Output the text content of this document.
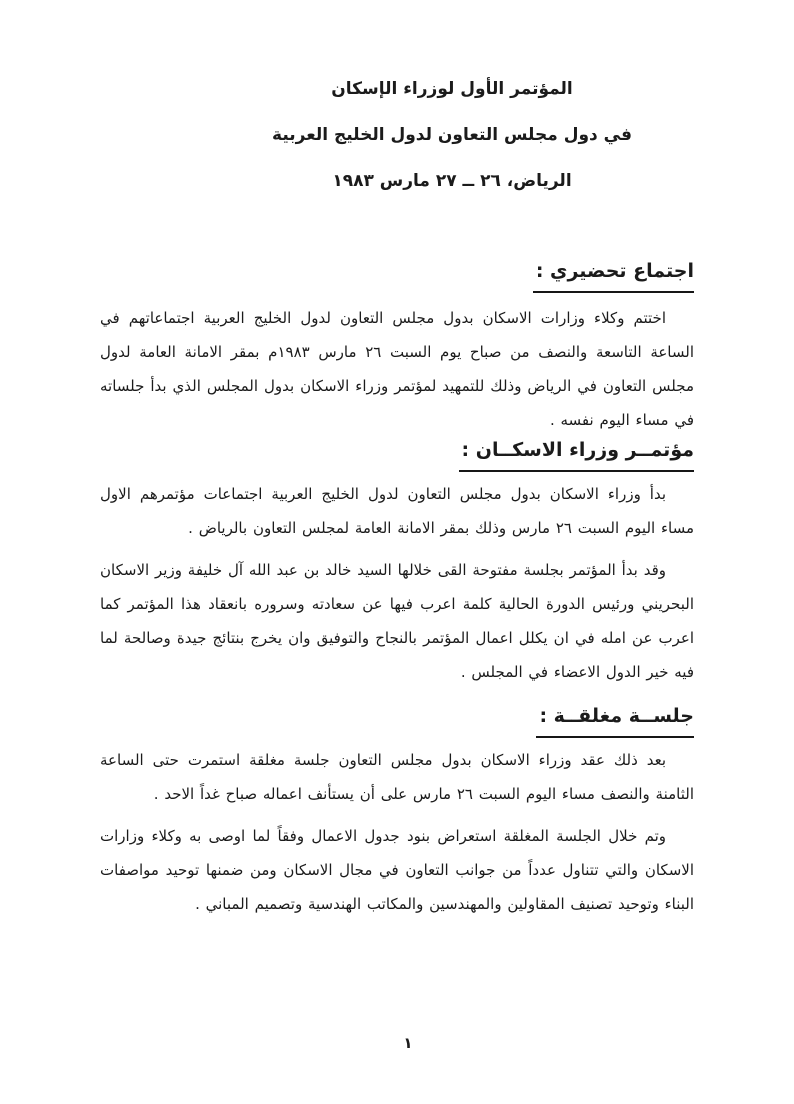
المؤتمر الأول لوزراء الإسكان
في دول مجلس التعاون لدول الخليج العربية
الرياض، ٢٦ ــ ٢٧ مارس ١٩٨٣
اجتماع تحضيري :

اختتم وكلاء وزارات الاسكان بدول مجلس التعاون لدول الخليج العربية اجتماعاتهم في الساعة التاسعة والنصف من صباح يوم السبت ٢٦ مارس ١٩٨٣م بمقر الامانة العامة لدول مجلس التعاون في الرياض وذلك للتمهيد لمؤتمر وزراء الاسكان بدول المجلس الذي بدأ جلساته في مساء اليوم نفسه .

مؤتمــر وزراء الاسكــان :

بدأ وزراء الاسكان بدول مجلس التعاون لدول الخليج العربية اجتماعات مؤتمرهم الاول مساء اليوم السبت ٢٦ مارس وذلك بمقر الامانة العامة لمجلس التعاون بالرياض .

وقد بدأ المؤتمر بجلسة مفتوحة القى خلالها السيد خالد بن عبد الله آل خليفة وزير الاسكان البحريني ورئيس الدورة الحالية كلمة اعرب فيها عن سعادته وسروره بانعقاد هذا المؤتمر كما اعرب عن امله في ان يكلل اعمال المؤتمر بالنجاح والتوفيق وان يخرج بنتائج جيدة وصالحة لما فيه خير الدول الاعضاء في المجلس .

جلســة مغلقــة :

بعد ذلك عقد وزراء الاسكان بدول مجلس التعاون جلسة مغلقة استمرت حتى الساعة الثامنة والنصف مساء اليوم السبت ٢٦ مارس على أن يستأنف اعماله صباح غداً الاحد .

وتم خلال الجلسة المغلقة استعراض بنود جدول الاعمال وفقاً لما اوصى به وكلاء وزارات الاسكان والتي تتناول عدداً من جوانب التعاون في مجال الاسكان ومن ضمنها توحيد مواصفات البناء وتوحيد تصنيف المقاولين والمهندسين والمكاتب الهندسية وتصميم المباني .

١
